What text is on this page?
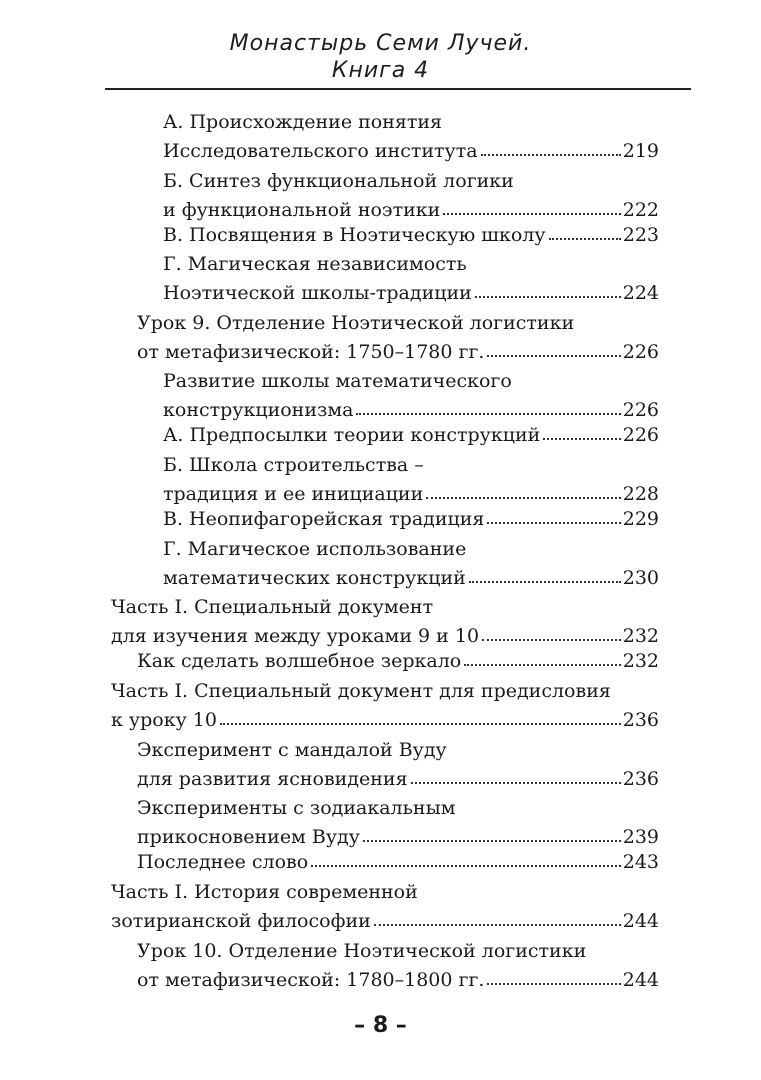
Монастырь Семи Лучей.
Книга 4
А. Происхождение понятия
Исследовательского института	219
Б. Синтез функциональной логики
и функциональной ноэтики	222
В. Посвящения в Ноэтическую школу	223
Г. Магическая независимость
Ноэтической школы-традиции	224
Урок 9. Отделение Ноэтической логистики
от метафизической: 1750–1780 гг.	226
Развитие школы математического
конструкционизма	226
А. Предпосылки теории конструкций	226
Б. Школа строительства –
традиция и ее инициации	228
В. Неопифагорейская традиция	229
Г. Магическое использование
математических конструкций	230
Часть I. Специальный документ
для изучения между уроками 9 и 10	232
Как сделать волшебное зеркало	232
Часть I. Специальный документ для предисловия
к уроку 10	236
Эксперимент с мандалой Вуду
для развития ясновидения	236
Эксперименты с зодиакальным
прикосновением Вуду	239
Последнее слово	243
Часть I. История современной
зотирианской философии	244
Урок 10. Отделение Ноэтической логистики
от метафизической: 1780–1800 гг.	244
– 8 –
